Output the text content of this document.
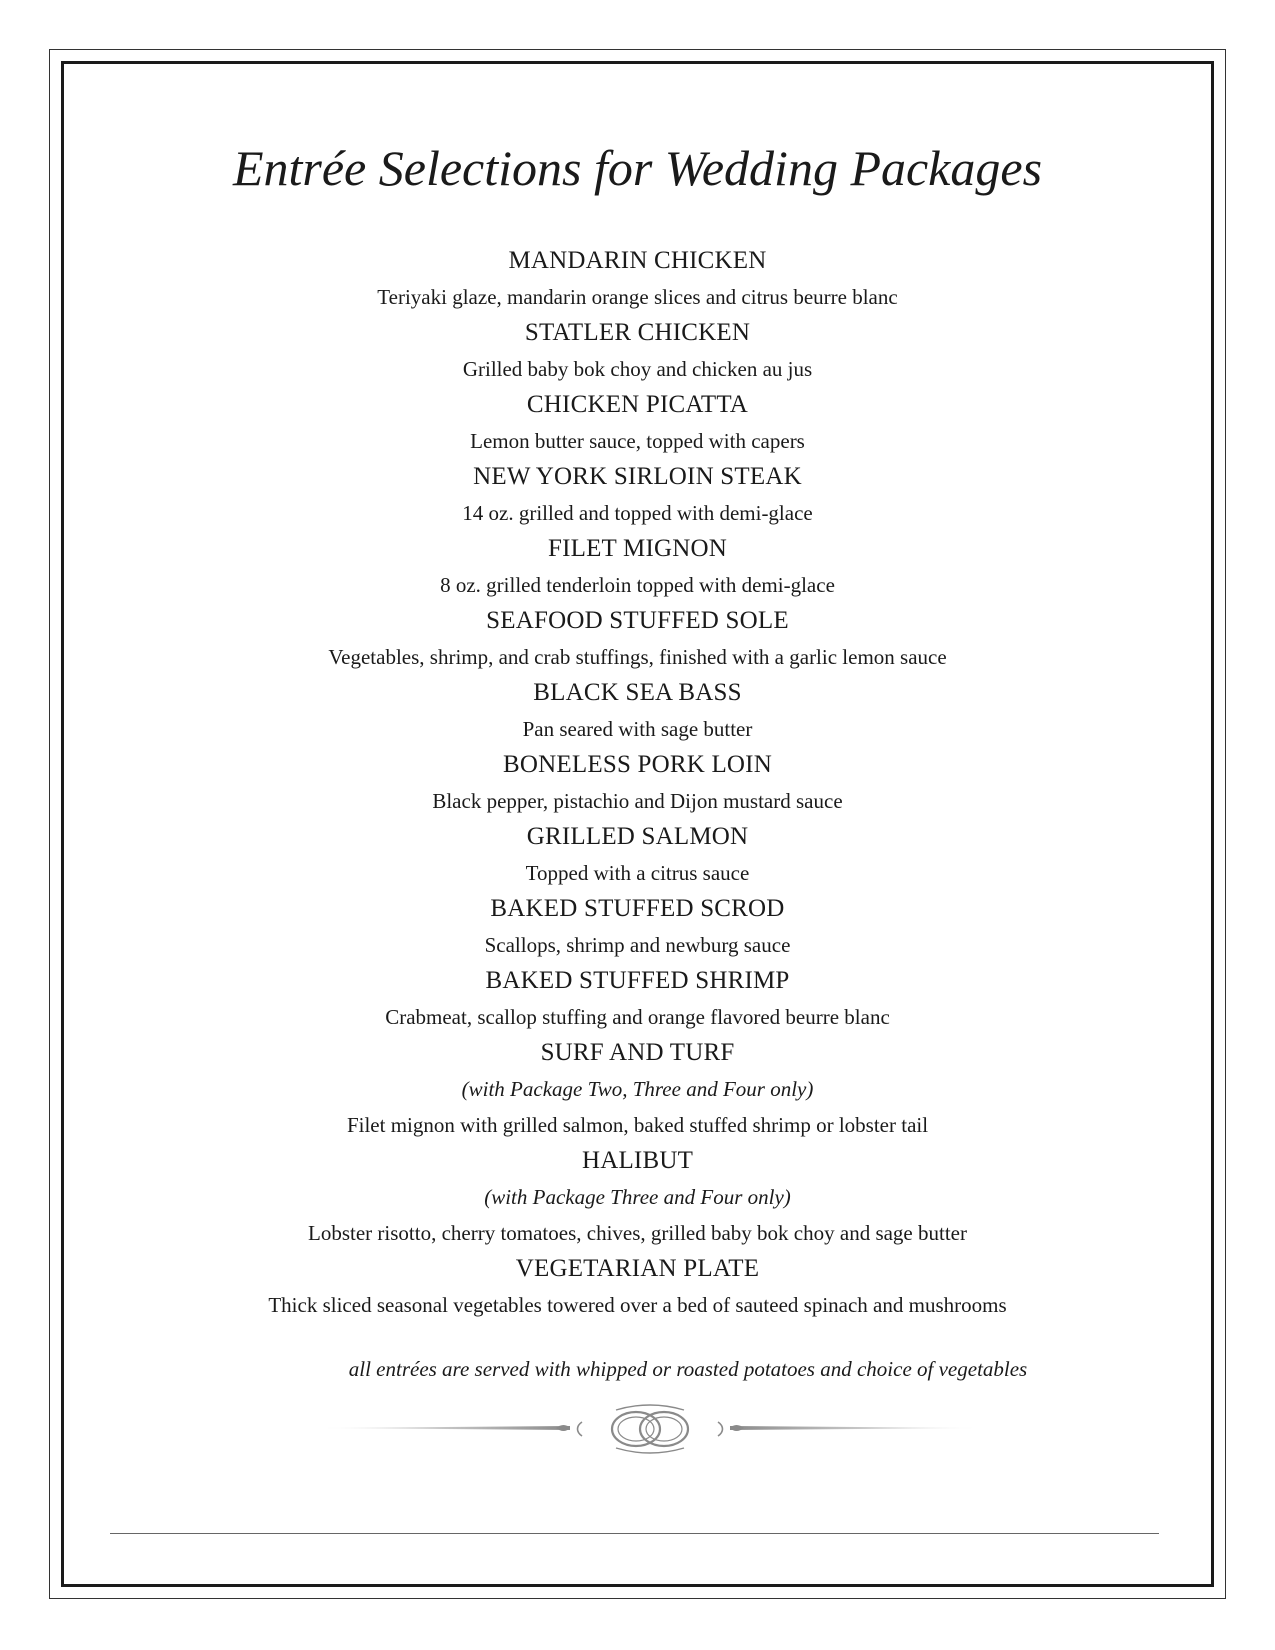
Entrée Selections for Wedding Packages
MANDARIN CHICKEN
Teriyaki glaze, mandarin orange slices and citrus beurre blanc
STATLER CHICKEN
Grilled baby bok choy and chicken au jus
CHICKEN PICATTA
Lemon butter sauce, topped with capers
NEW YORK SIRLOIN STEAK
14 oz. grilled and topped with demi-glace
FILET MIGNON
8 oz. grilled tenderloin topped with demi-glace
SEAFOOD STUFFED SOLE
Vegetables, shrimp, and crab stuffings, finished with a garlic lemon sauce
BLACK SEA BASS
Pan seared with sage butter
BONELESS PORK LOIN
Black pepper, pistachio and Dijon mustard sauce
GRILLED SALMON
Topped with a citrus sauce
BAKED STUFFED SCROD
Scallops, shrimp and newburg sauce
BAKED STUFFED SHRIMP
Crabmeat, scallop stuffing and orange flavored beurre blanc
SURF AND TURF
(with Package Two, Three and Four only)
Filet mignon with grilled salmon, baked stuffed shrimp or lobster tail
HALIBUT
(with Package Three and Four only)
Lobster risotto, cherry tomatoes, chives, grilled baby bok choy and sage butter
VEGETARIAN PLATE
Thick sliced seasonal vegetables towered over a bed of sauteed spinach and mushrooms
all entrées are served with whipped or roasted potatoes and choice of vegetables
